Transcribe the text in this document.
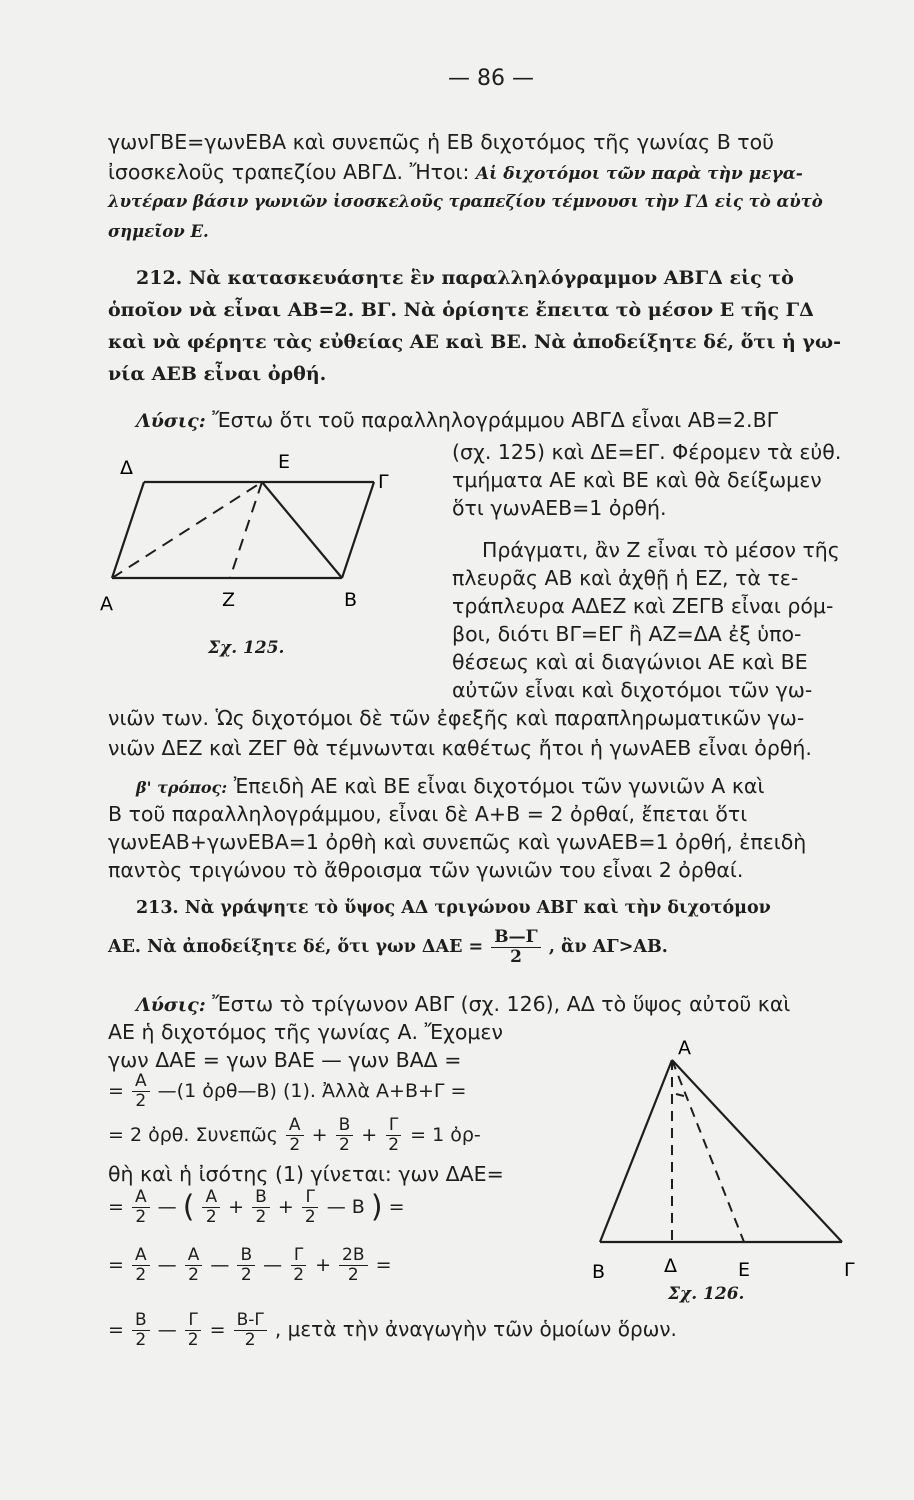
— 86 —
γωνΓΒΕ=γωνΕΒΑ καὶ συνεπῶς ἡ ΕΒ διχοτόμος τῆς γωνίας Β τοῦ
ἰσοσκελοῦς τραπεζίου ΑΒΓΔ. Ἤτοι: Αἱ διχοτόμοι τῶν παρὰ τὴν μεγα-
λυτέραν βάσιν γωνιῶν ἰσοσκελοῦς τραπεζίου τέμνουσι τὴν ΓΔ εἰς τὸ αὐτὸ
σημεῖον Ε.
212. Νὰ κατασκευάσητε ἓν παραλληλόγραμμον ΑΒΓΔ εἰς τὸ
ὁποῖον νὰ εἶναι ΑΒ=2. ΒΓ. Νὰ ὁρίσητε ἔπειτα τὸ μέσον Ε τῆς ΓΔ
καὶ νὰ φέρητε τὰς εὐθείας ΑΕ καὶ ΒΕ. Νὰ ἀποδείξητε δέ, ὅτι ἡ γω-
νία ΑΕΒ εἶναι ὀρθή.
Λύσις: Ἔστω ὅτι τοῦ παραλληλογράμμου ΑΒΓΔ εἶναι ΑΒ=2.ΒΓ
(σχ. 125) καὶ ΔΕ=ΕΓ. Φέρομεν τὰ εὐθ.
τμήματα ΑΕ καὶ ΒΕ καὶ θὰ δείξωμεν
ὅτι γωνΑΕΒ=1 ὀρθή.
Πράγματι, ἂν Ζ εἶναι τὸ μέσον τῆς
πλευρᾶς ΑΒ καὶ ἀχθῇ ἡ ΕΖ, τὰ τε-
τράπλευρα ΑΔΕΖ καὶ ΖΕΓΒ εἶναι ρόμ-
βοι, διότι ΒΓ=ΕΓ ἢ ΑΖ=ΔΑ ἐξ ὑπο-
θέσεως καὶ αἱ διαγώνιοι ΑΕ καὶ ΒΕ
αὐτῶν εἶναι καὶ διχοτόμοι τῶν γω-
νιῶν των. Ὡς διχοτόμοι δὲ τῶν ἐφεξῆς καὶ παραπληρωματικῶν γω-
νιῶν ΔΕΖ καὶ ΖΕΓ θὰ τέμνωνται καθέτως ἤτοι ἡ γωνΑΕΒ εἶναι ὀρθή.
Δ	Ε
Γ
Α	Ζ	Β
Σχ. 125.
β' τρόπος: Ἐπειδὴ ΑΕ καὶ ΒΕ εἶναι διχοτόμοι τῶν γωνιῶν Α καὶ
Β τοῦ παραλληλογράμμου, εἶναι δὲ Α+Β = 2 ὀρθαί, ἔπεται ὅτι
γωνΕΑΒ+γωνΕΒΑ=1 ὀρθὴ καὶ συνεπῶς καὶ γωνΑΕΒ=1 ὀρθή, ἐπειδὴ
παντὸς τριγώνου τὸ ἄθροισμα τῶν γωνιῶν του εἶναι 2 ὀρθαί.
213. Νὰ γράψητε τὸ ὕψος ΑΔ τριγώνου ΑΒΓ καὶ τὴν διχοτόμον
ΑΕ. Νὰ ἀποδείξητε δέ, ὅτι γων $\Delta AE = \frac{B—\Gamma}{2}$ , ἂν ΑΓ>ΑΒ.
Λύσις: Ἔστω τὸ τρίγωνον ΑΒΓ (σχ. 126), ΑΔ τὸ ὕψος αὐτοῦ καὶ
ΑΕ ἡ διχοτόμος τῆς γωνίας Α. Ἔχομεν
γων ΔΑΕ = γων ΒΑΕ — γων ΒΑΔ =
= $\frac{A}{2}$ —(1 ὀρθ—Β) (1). Ἀλλὰ Α+Β+Γ =
= 2 ὀρθ. Συνεπῶς $\frac{A}{2} + \frac{B}{2} + \frac{\Gamma}{2} = 1$ ὀρ-
θὴ καὶ ἡ ἰσότης (1) γίνεται: γων ΔΑΕ=
= $\frac{A}{2}$ — ( $\frac{A}{2} + \frac{B}{2} + \frac{\Gamma}{2}$ — Β ) =
= $\frac{A}{2}$ — $\frac{A}{2}$ — $\frac{B}{2}$ — $\frac{\Gamma}{2} + \frac{2B}{2}$ =
= $\frac{B}{2}$ — $\frac{\Gamma}{2} = \frac{B-\Gamma}{2}$ , μετὰ τὴν ἀναγωγὴν τῶν ὁμοίων ὅρων.
Α
Β	Δ	Ε	Γ
Σχ. 126.
